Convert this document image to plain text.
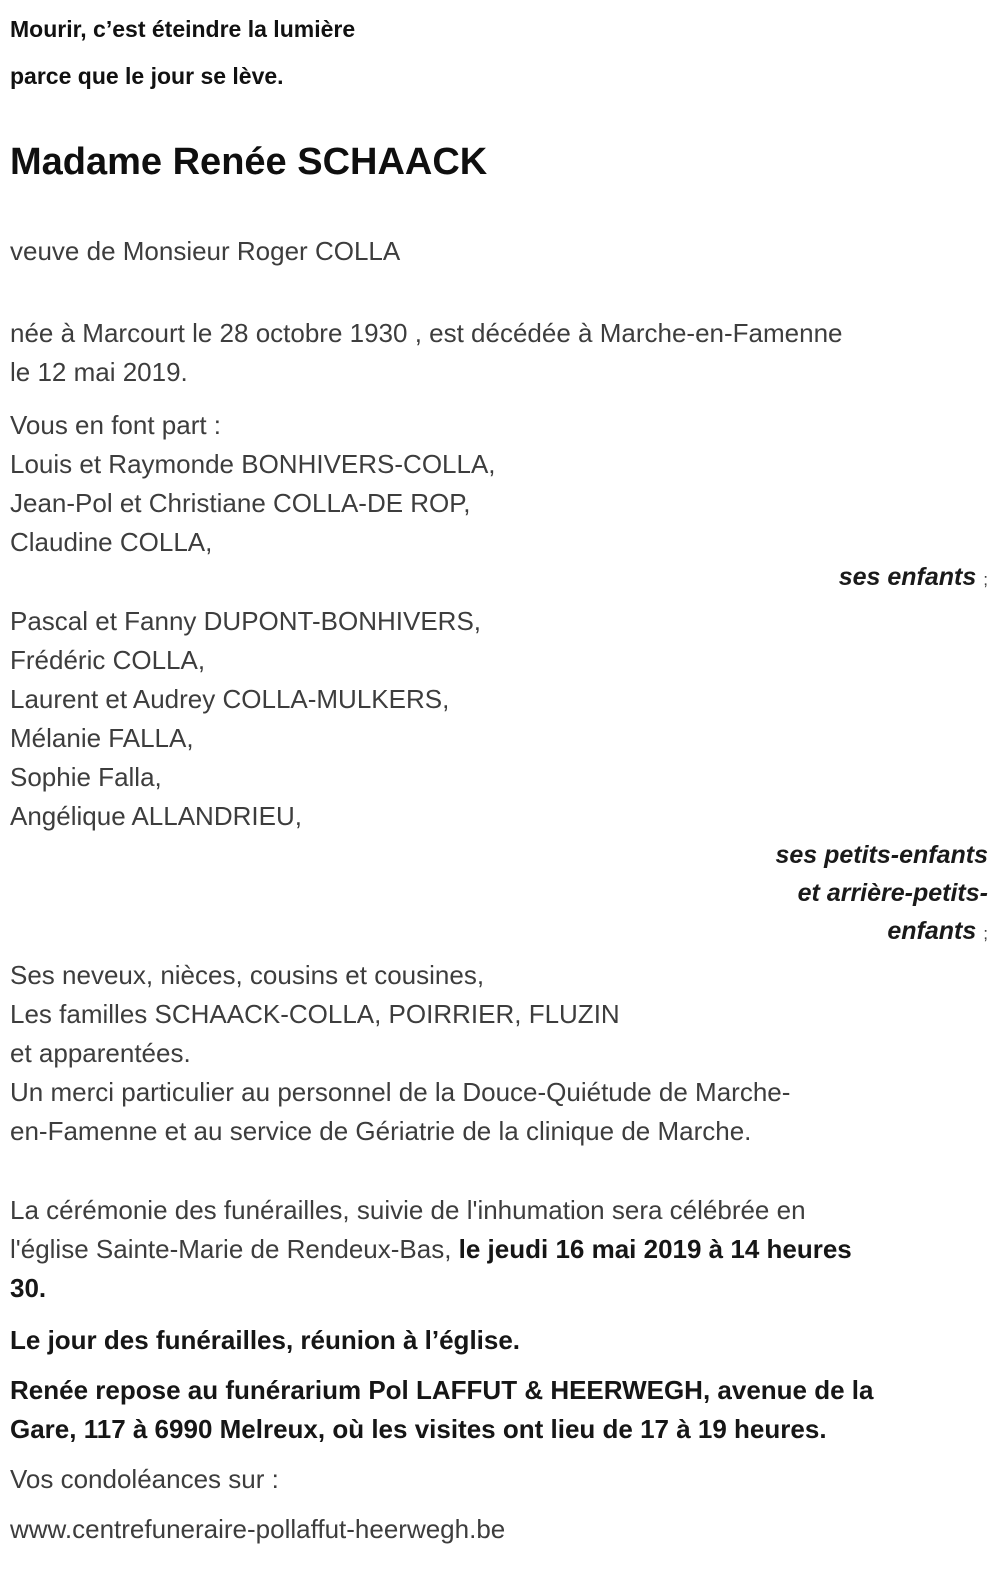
Mourir, c’est éteindre la lumière
parce que le jour se lève.
Madame Renée SCHAACK
veuve de Monsieur Roger COLLA
née à Marcourt le 28 octobre 1930 , est décédée à Marche-en-Famenne
le 12 mai 2019.
Vous en font part :
Louis et Raymonde BONHIVERS-COLLA,
Jean-Pol et Christiane COLLA-DE ROP,
Claudine COLLA,
ses enfants ;
Pascal et Fanny DUPONT-BONHIVERS,
Frédéric COLLA,
Laurent et Audrey COLLA-MULKERS,
Mélanie FALLA,
Sophie Falla,
Angélique ALLANDRIEU,
ses petits-enfants
et arrière-petits-
enfants ;
Ses neveux, nièces, cousins et cousines,
Les familles SCHAACK-COLLA, POIRRIER, FLUZIN
et apparentées.
Un merci particulier au personnel de la Douce-Quiétude de Marche-
en-Famenne et au service de Gériatrie de la clinique de Marche.
La cérémonie des funérailles, suivie de l'inhumation sera célébrée en
l'église Sainte-Marie de Rendeux-Bas, le jeudi 16 mai 2019 à 14 heures
30.
Le jour des funérailles, réunion à l’église.
Renée repose au funérarium Pol LAFFUT & HEERWEGH, avenue de la
Gare, 117 à 6990 Melreux, où les visites ont lieu de 17 à 19 heures.
Vos condoléances sur :
www.centrefuneraire-pollaffut-heerwegh.be
